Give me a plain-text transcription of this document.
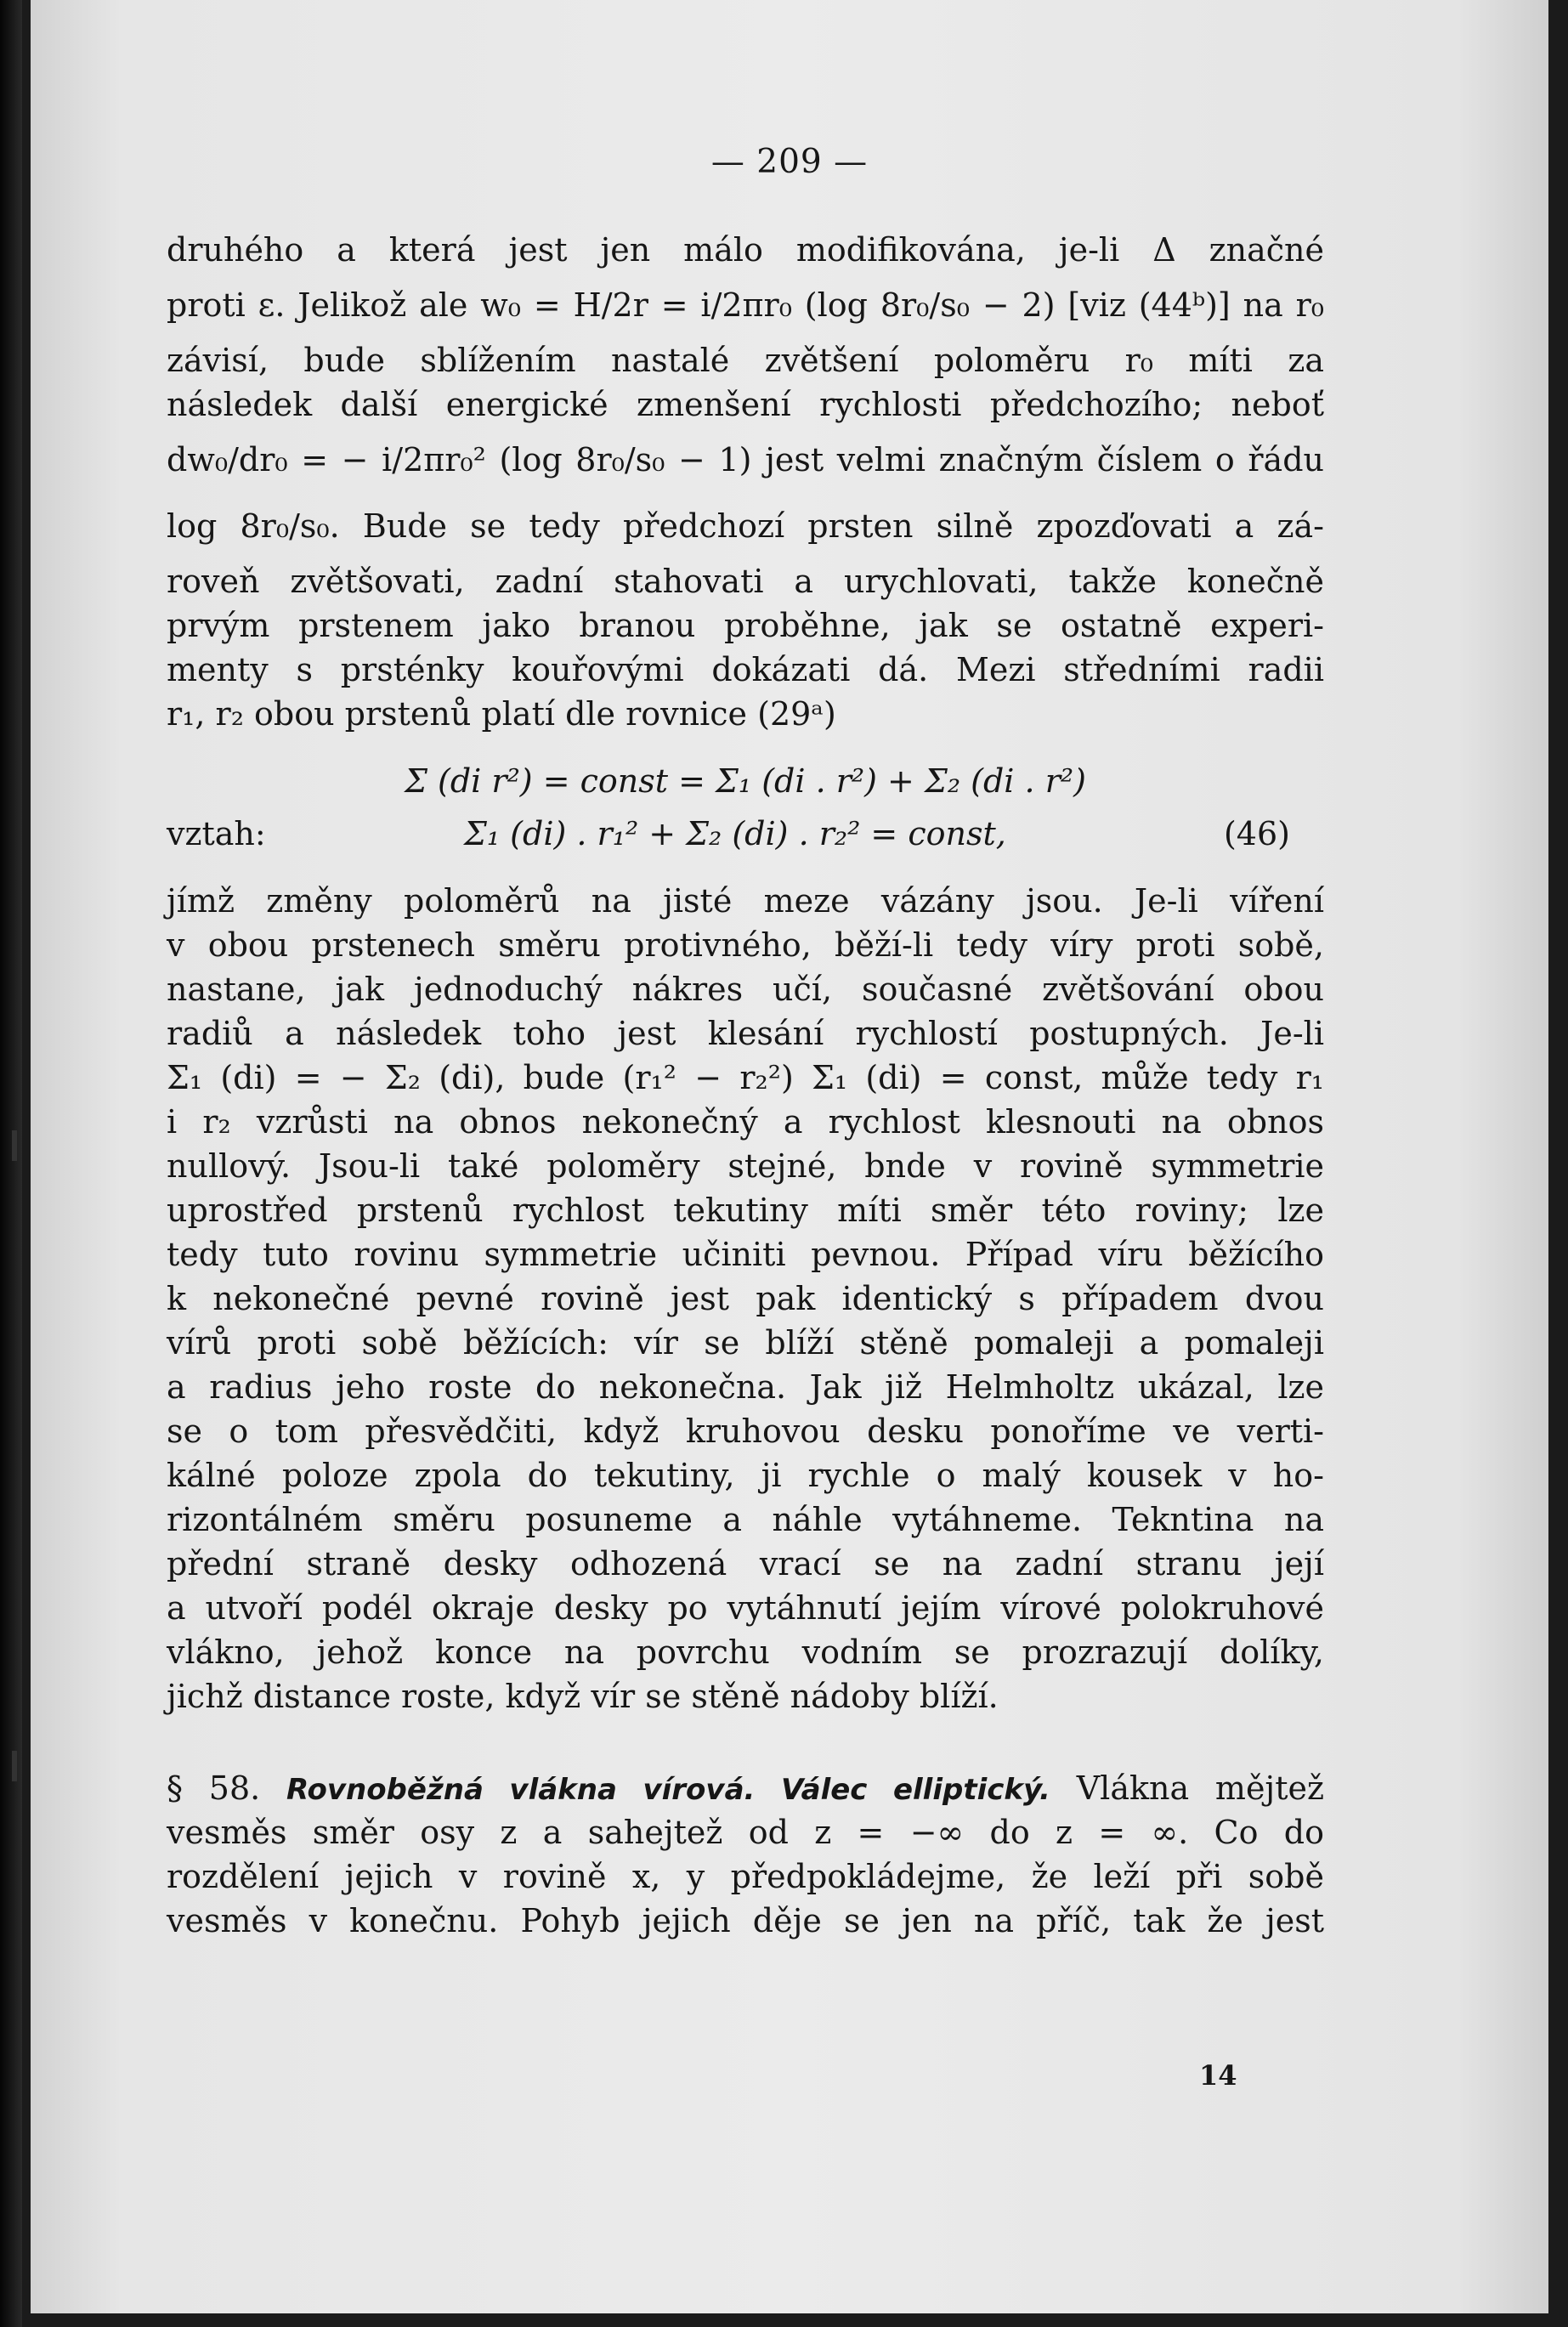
— 209 —
druhého a která jest jen málo modifikována, je-li Δ značné
proti ε. Jelikož ale w₀ = H/2r = i/2πr₀ (log 8r₀/s₀ − 2) [viz (44ᵇ)] na r₀
závisí, bude sblížením nastalé zvětšení poloměru r₀ míti za
následek další energické zmenšení rychlosti předchozího; neboť
dw₀/dr₀ = − i/2πr₀² (log 8r₀/s₀ − 1) jest velmi značným číslem o řádu
log 8r₀/s₀. Bude se tedy předchozí prsten silně zpozďovati a zá-
roveň zvětšovati, zadní stahovati a urychlovati, takže konečně
prvým prstenem jako branou proběhne, jak se ostatně experi-
menty s prsténky kouřovými dokázati dá. Mezi středními radii
r₁, r₂ obou prstenů platí dle rovnice (29ᵃ)
Σ (di r²) = const = Σ₁ (di . r²) + Σ₂ (di . r²)
vztah:	Σ₁ (di) . r₁² + Σ₂ (di) . r₂² = const,	(46)
jímž změny poloměrů na jisté meze vázány jsou. Je-li víření
v obou prstenech směru protivného, běží-li tedy víry proti sobě,
nastane, jak jednoduchý nákres učí, současné zvětšování obou
radiů a následek toho jest klesání rychlostí postupných. Je-li
Σ₁ (di) = − Σ₂ (di), bude (r₁² − r₂²) Σ₁ (di) = const, může tedy r₁
i r₂ vzrůsti na obnos nekonečný a rychlost klesnouti na obnos
nullový. Jsou-li také poloměry stejné, bnde v rovině symmetrie
uprostřed prstenů rychlost tekutiny míti směr této roviny; lze
tedy tuto rovinu symmetrie učiniti pevnou. Případ víru běžícího
k nekonečné pevné rovině jest pak identický s případem dvou
vírů proti sobě běžících: vír se blíží stěně pomaleji a pomaleji
a radius jeho roste do nekonečna. Jak již Helmholtz ukázal, lze
se o tom přesvědčiti, když kruhovou desku ponoříme ve verti-
kálné poloze zpola do tekutiny, ji rychle o malý kousek v ho-
rizontálném směru posuneme a náhle vytáhneme. Tekntina na
přední straně desky odhozená vrací se na zadní stranu její
a utvoří podél okraje desky po vytáhnutí jejím vírové polokruhové
vlákno, jehož konce na povrchu vodním se prozrazují dolíky,
jichž distance roste, když vír se stěně nádoby blíží.
§ 58. Rovnoběžná vlákna vírová. Válec elliptický. Vlákna mějtež
vesměs směr osy z a sahejtež od z = −∞ do z = ∞. Co do
rozdělení jejich v rovině x, y předpokládejme, že leží při sobě
vesměs v konečnu. Pohyb jejich děje se jen na příč, tak že jest
14
